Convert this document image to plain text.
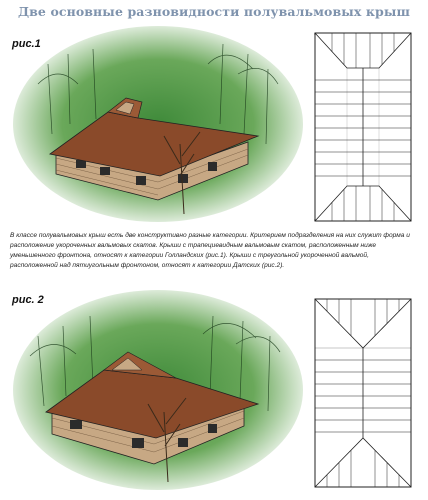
Две основные разновидности полувальмовых крыш
рис.1
В классе полувальмовых крыш есть две конструктивно разные категории. Критерием подразделения на них служит форма и расположение укороченных вальмовых скатов. Крыши с трапециевидным вальмовым скатом, расположенным ниже уменьшенного фронтона, относят к категории Голландских (рис.1). Крыши с треугольной укороченной вальмой, расположенной над пятиугольным фронтоном, относят к категории Датских (рис.2).
рис. 2
